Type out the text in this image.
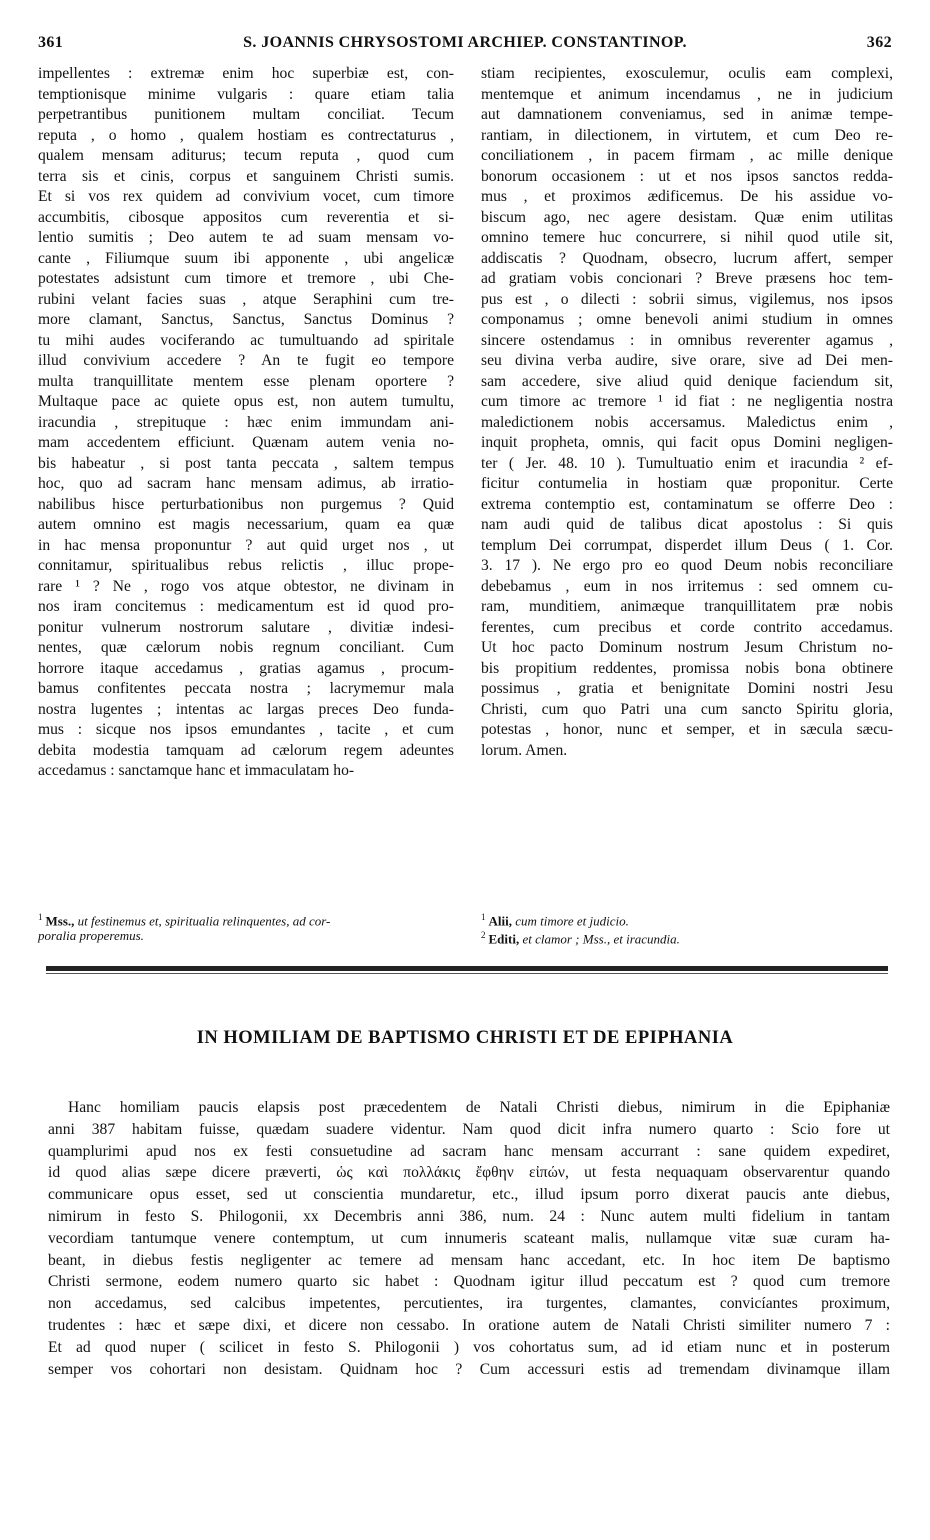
361	S. JOANNIS CHRYSOSTOMI ARCHIEP. CONSTANTINOP.	362
impellentes : extremæ enim hoc superbiæ est, con-
temptionisque minime vulgaris : quare etiam talia
perpetrantibus punitionem multam conciliat. Tecum
reputa , o homo , qualem hostiam es contrectaturus ,
qualem mensam aditurus; tecum reputa , quod cum
terra sis et cinis, corpus et sanguinem Christi sumis.
Et si vos rex quidem ad convivium vocet, cum timore
accumbitis, cibosque appositos cum reverentia et si-
lentio sumitis ; Deo autem te ad suam mensam vo-
cante , Filiumque suum ibi apponente , ubi angelicæ
potestates adsistunt cum timore et tremore , ubi Che-
rubini velant facies suas , atque Seraphini cum tre-
more clamant, Sanctus, Sanctus, Sanctus Dominus ?
tu mihi audes vociferando ac tumultuando ad spiritale
illud convivium accedere ? An te fugit eo tempore
multa tranquillitate mentem esse plenam oportere ?
Multaque pace ac quiete opus est, non autem tumultu,
iracundia , strepituque : hæc enim immundam ani-
mam accedentem efficiunt. Quænam autem venia no-
bis habeatur , si post tanta peccata , saltem tempus
hoc, quo ad sacram hanc mensam adimus, ab irratio-
nabilibus hisce perturbationibus non purgemus ? Quid
autem omnino est magis necessarium, quam ea quæ
in hac mensa proponuntur ? aut quid urget nos , ut
connitamur, spiritualibus rebus relictis , illuc prope-
rare ¹ ? Ne , rogo vos atque obtestor, ne divinam in
nos iram concitemus : medicamentum est id quod pro-
ponitur vulnerum nostrorum salutare , divitiæ indesi-
nentes, quæ cælorum nobis regnum conciliant. Cum
horrore itaque accedamus , gratias agamus , procum-
bamus confitentes peccata nostra ; lacrymemur mala
nostra lugentes ; intentas ac largas preces Deo funda-
mus : sicque nos ipsos emundantes , tacite , et cum
debita modestia tamquam ad cælorum regem adeuntes
accedamus : sanctamque hanc et immaculatam ho-
stiam recipientes, exosculemur, oculis eam complexi,
mentemque et animum incendamus , ne in judicium
aut damnationem conveniamus, sed in animæ tempe-
rantiam, in dilectionem, in virtutem, et cum Deo re-
conciliationem , in pacem firmam , ac mille denique
bonorum occasionem : ut et nos ipsos sanctos redda-
mus , et proximos ædificemus. De his assidue vo-
biscum ago, nec agere desistam. Quæ enim utilitas
omnino temere huc concurrere, si nihil quod utile sit,
addiscatis ? Quodnam, obsecro, lucrum affert, semper
ad gratiam vobis concionari ? Breve præsens hoc tem-
pus est , o dilecti : sobrii simus, vigilemus, nos ipsos
componamus ; omne benevoli animi studium in omnes
sincere ostendamus : in omnibus reverenter agamus ,
seu divina verba audire, sive orare, sive ad Dei men-
sam accedere, sive aliud quid denique faciendum sit,
cum timore ac tremore ¹ id fiat : ne negligentia nostra
maledictionem nobis accersamus. Maledictus enim ,
inquit propheta, omnis, qui facit opus Domini negligen-
ter ( Jer. 48. 10 ). Tumultuatio enim et iracundia ² ef-
ficitur contumelia in hostiam quæ proponitur. Certe
extrema contemptio est, contaminatum se offerre Deo :
nam audi quid de talibus dicat apostolus : Si quis
templum Dei corrumpat, disperdet illum Deus ( 1. Cor.
3. 17 ). Ne ergo pro eo quod Deum nobis reconciliare
debebamus , eum in nos irritemus : sed omnem cu-
ram, munditiem, animæque tranquillitatem præ nobis
ferentes, cum precibus et corde contrito accedamus.
Ut hoc pacto Dominum nostrum Jesum Christum no-
bis propitium reddentes, promissa nobis bona obtinere
possimus , gratia et benignitate Domini nostri Jesu
Christi, cum quo Patri una cum sancto Spiritu gloria,
potestas , honor, nunc et semper, et in sæcula sæcu-
lorum. Amen.
$^1$ Mss., ut festinemus et, spiritualia relinquentes, ad cor-
poralia properemus.
$^1$ Alii, cum timore et judicio.
$^2$ Editi, et clamor ; Mss., et iracundia.
IN HOMILIAM DE BAPTISMO CHRISTI ET DE EPIPHANIA
Hanc homiliam paucis elapsis post præcedentem de Natali Christi diebus, nimirum in die Epiphaniæ
anni 387 habitam fuisse, quædam suadere videntur. Nam quod dicit infra numero quarto : Scio fore ut
quamplurimi apud nos ex festi consuetudine ad sacram hanc mensam accurrant : sane quidem expediret,
id quod alias sæpe dicere præverti, ὡς καὶ πολλάκις ἔφθην εἰπών, ut festa nequaquam observarentur quando
communicare opus esset, sed ut conscientia mundaretur, etc., illud ipsum porro dixerat paucis ante diebus,
nimirum in festo S. Philogonii, xx Decembris anni 386, num. 24 : Nunc autem multi fidelium in tantam
vecordiam tantumque venere contemptum, ut cum innumeris scateant malis, nullamque vitæ suæ curam ha-
beant, in diebus festis negligenter ac temere ad mensam hanc accedant, etc. In hoc item De baptismo
Christi sermone, eodem numero quarto sic habet : Quodnam igitur illud peccatum est ? quod cum tremore
non accedamus, sed calcibus impetentes, percutientes, ira turgentes, clamantes, convicíantes proximum,
trudentes : hæc et sæpe dixi, et dicere non cessabo. In oratione autem de Natali Christi similiter numero 7 :
Et ad quod nuper ( scilicet in festo S. Philogonii ) vos cohortatus sum, ad id etiam nunc et in posterum
semper vos cohortari non desistam. Quidnam hoc ? Cum accessuri estis ad tremendam divinamque illam
